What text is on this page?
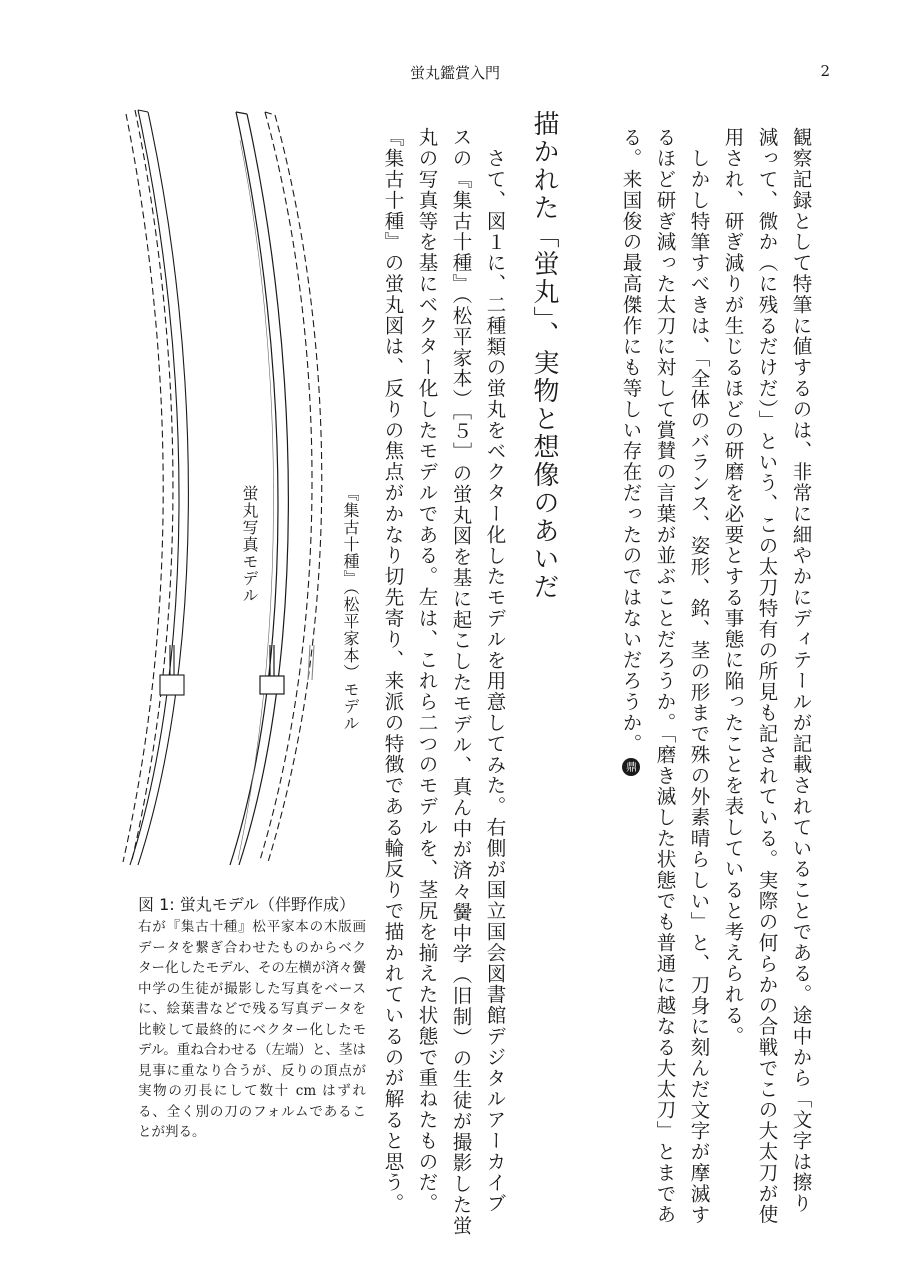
蛍丸鑑賞入門	2
観察記録として特筆に値するのは、非常に細やかにディテールが記載されていることである。途中から「文字は擦り
減って、微か（に残るだけだ）」という、この太刀特有の所見も記されている。実際の何らかの合戦でこの大太刀が使
用され、研ぎ減りが生じるほどの研磨を必要とする事態に陥ったことを表していると考えられる。
しかし特筆すべきは、「全体のバランス、姿形、銘、茎の形まで殊の外素晴らしい」と、刀身に刻んだ文字が摩滅す
るほど研ぎ減った太刀に対して賞賛の言葉が並ぶことだろうか。「磨き滅した状態でも普通に越なる大太刀」とまであ
る。来国俊の最高傑作にも等しい存在だったのではないだろうか。鼎
描かれた「蛍丸」、実物と想像のあいだ
さて、図１に、二種類の蛍丸をベクター化したモデルを用意してみた。右側が国立国会図書館デジタルアーカイブ
スの『集古十種』（松平家本）［５］の蛍丸図を基に起こしたモデル、真ん中が済々黌中学（旧制）の生徒が撮影した蛍
丸の写真等を基にベクター化したモデルである。左は、これら二つのモデルを、茎尻を揃えた状態で重ねたものだ。
『集古十種』の蛍丸図は、反りの焦点がかなり切先寄り、来派の特徴である輪反りで描かれているのが解ると思う。
『集古十種』（松平家本）モデル
蛍丸写真モデル
図 1: 蛍丸モデル（伴野作成）
右が『集古十種』松平家本の木版画データを繋ぎ合わせたものからベクター化したモデル、その左横が済々黌中学の生徒が撮影した写真をベースに、絵葉書などで残る写真データを比較して最終的にベクター化したモデル。重ね合わせる（左端）と、茎は見事に重なり合うが、反りの頂点が実物の刃長にして数十 cm はずれる、全く別の刀のフォルムであることが判る。
